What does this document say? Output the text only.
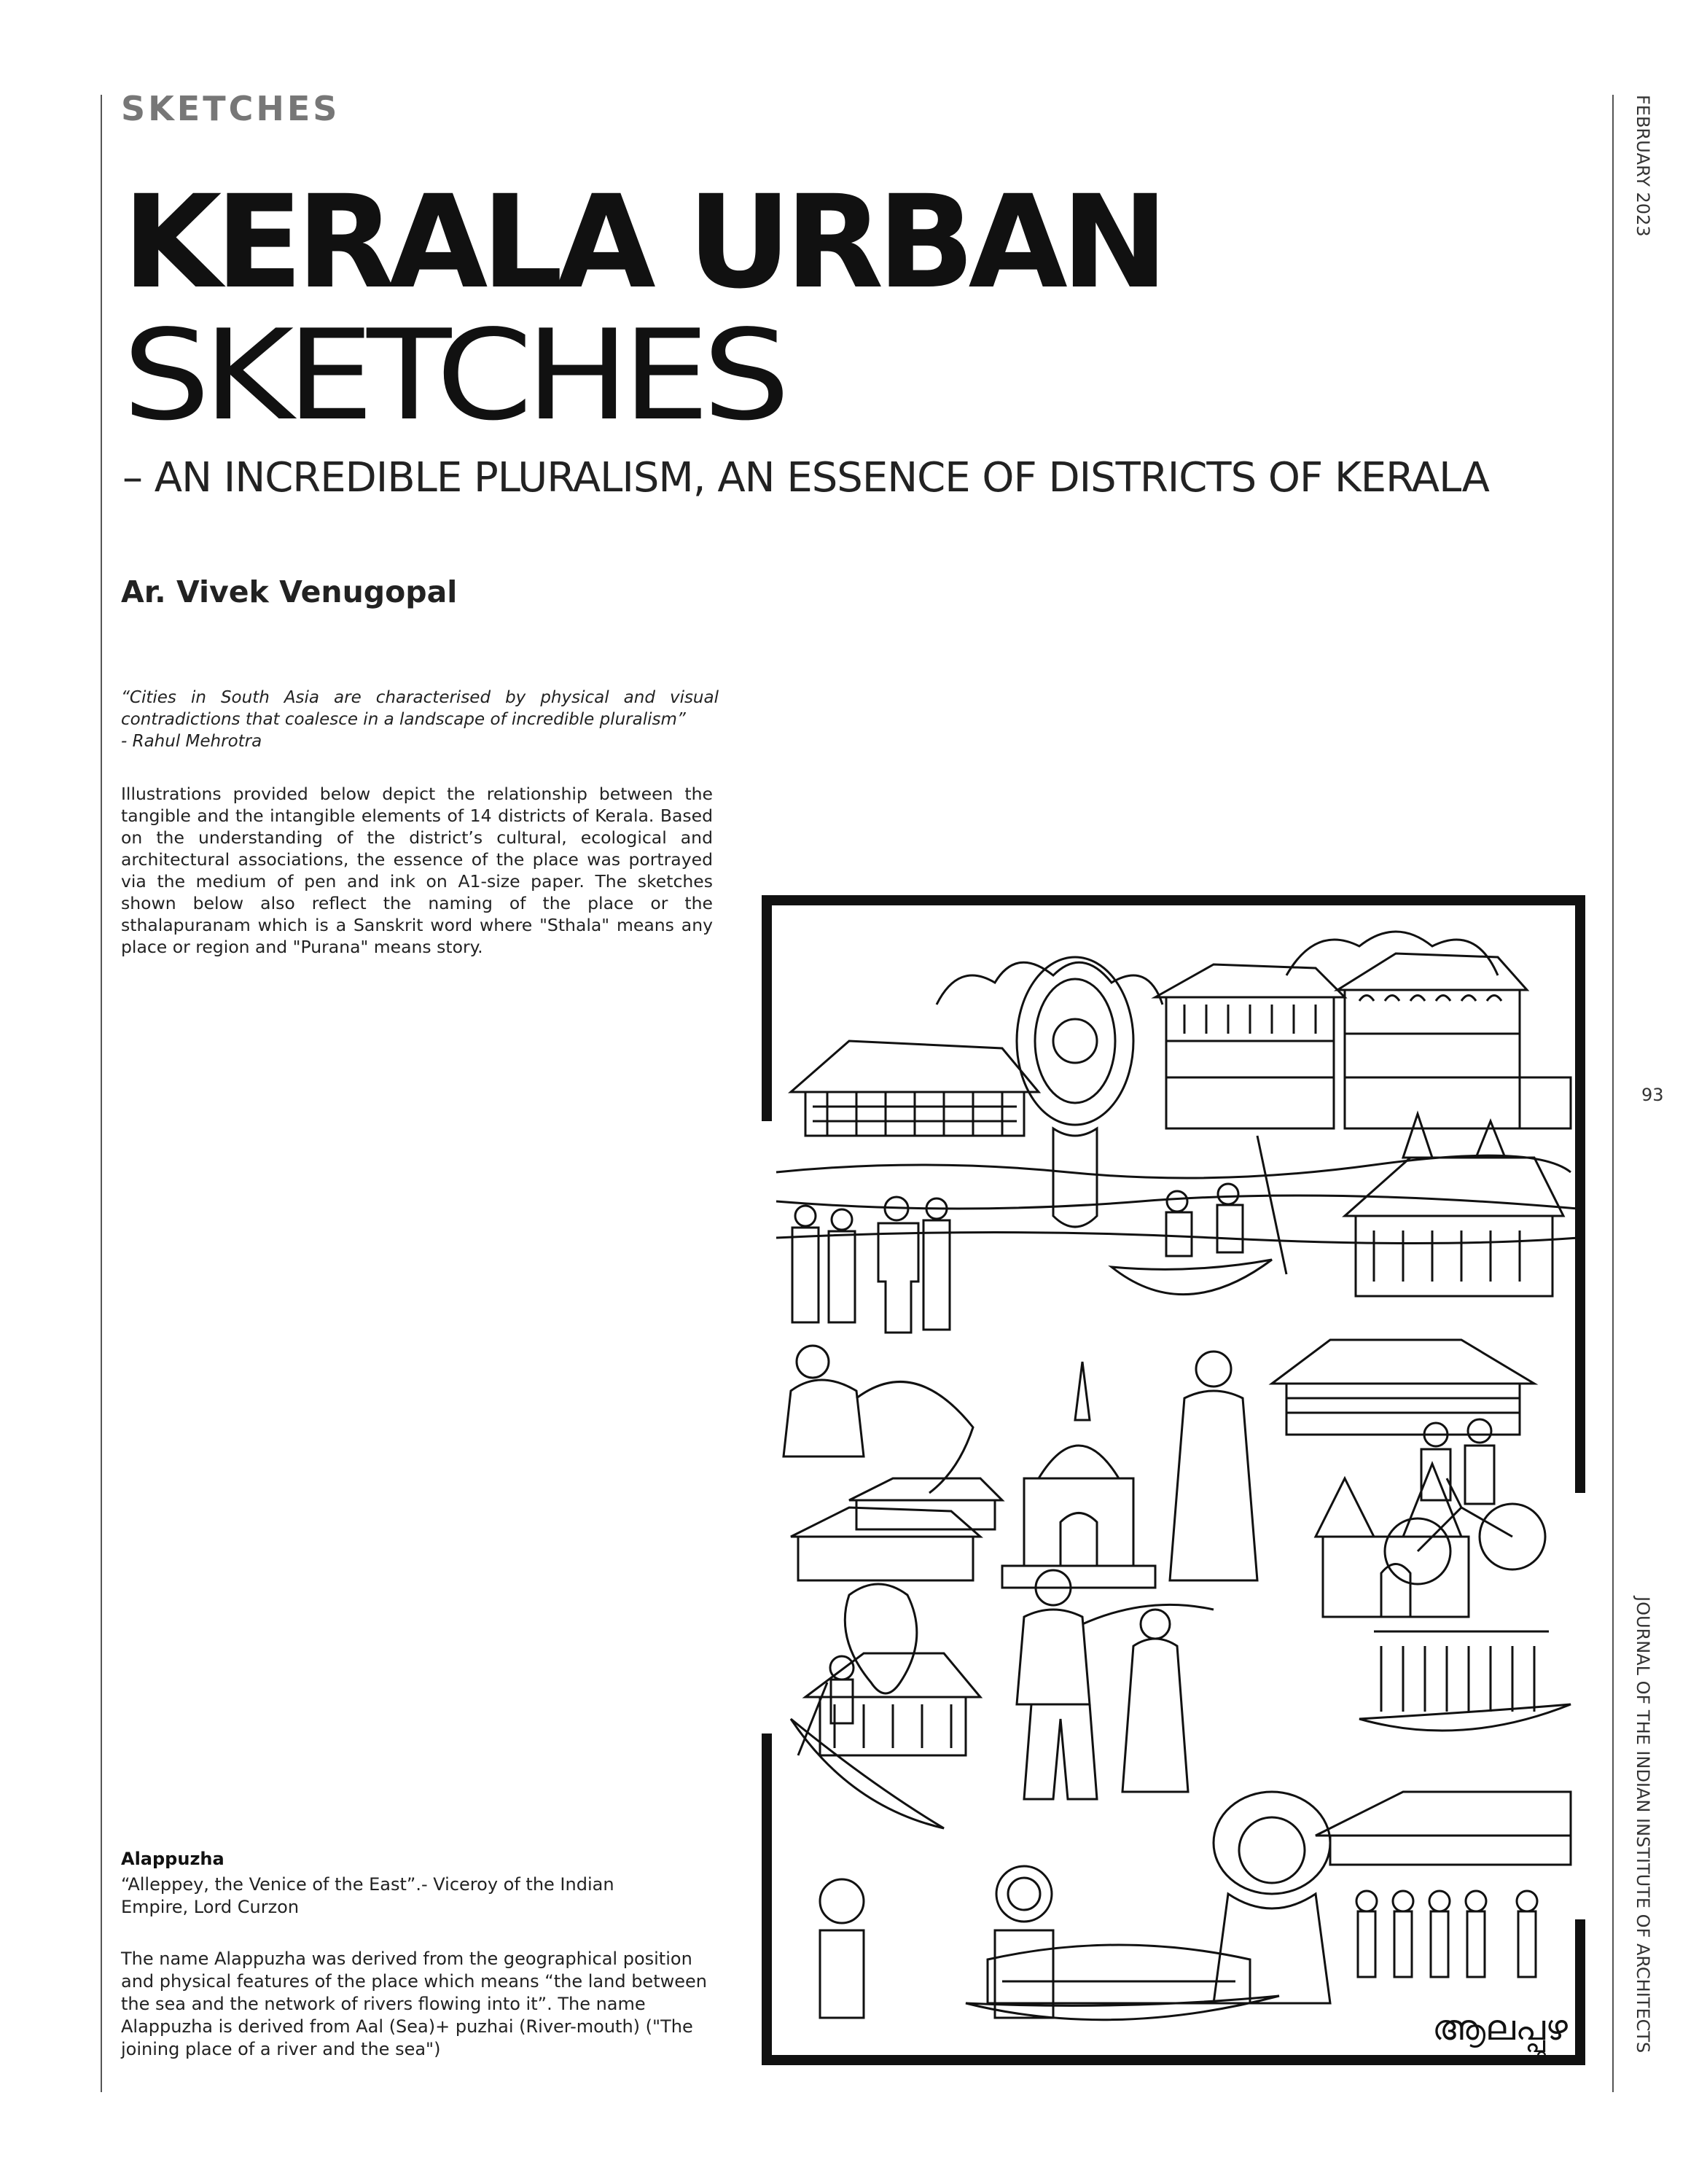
SKETCHES
KERALA URBAN
SKETCHES
– AN INCREDIBLE PLURALISM, AN ESSENCE OF DISTRICTS OF KERALA
Ar. Vivek Venugopal
“Cities in South Asia are characterised by physical and visual contradictions that coalesce in a landscape of incredible pluralism”
- Rahul Mehrotra
Illustrations provided below depict the relationship between the tangible and the intangible elements of 14 districts of Kerala. Based on the understanding of the district’s cultural, ecological and architectural associations, the essence of the place was portrayed via the medium of pen and ink on A1-size paper. The sketches shown below also reflect the naming of the place or the sthalapuranam which is a Sanskrit word where "Sthala" means any place or region and "Purana" means story.
Alappuzha
“Alleppey, the Venice of the East”.- Viceroy of the Indian Empire, Lord Curzon
The name Alappuzha was derived from the geographical position and physical features of the place which means “the land between the sea and the network of rivers flowing into it”. The name Alappuzha is derived from Aal (Sea)+ puzhai (River-mouth) ("The joining place of a river and the sea")
FEBRUARY 2023
93
JOURNAL OF THE INDIAN INSTITUTE OF ARCHITECTS
ആലപ്പുഴ
